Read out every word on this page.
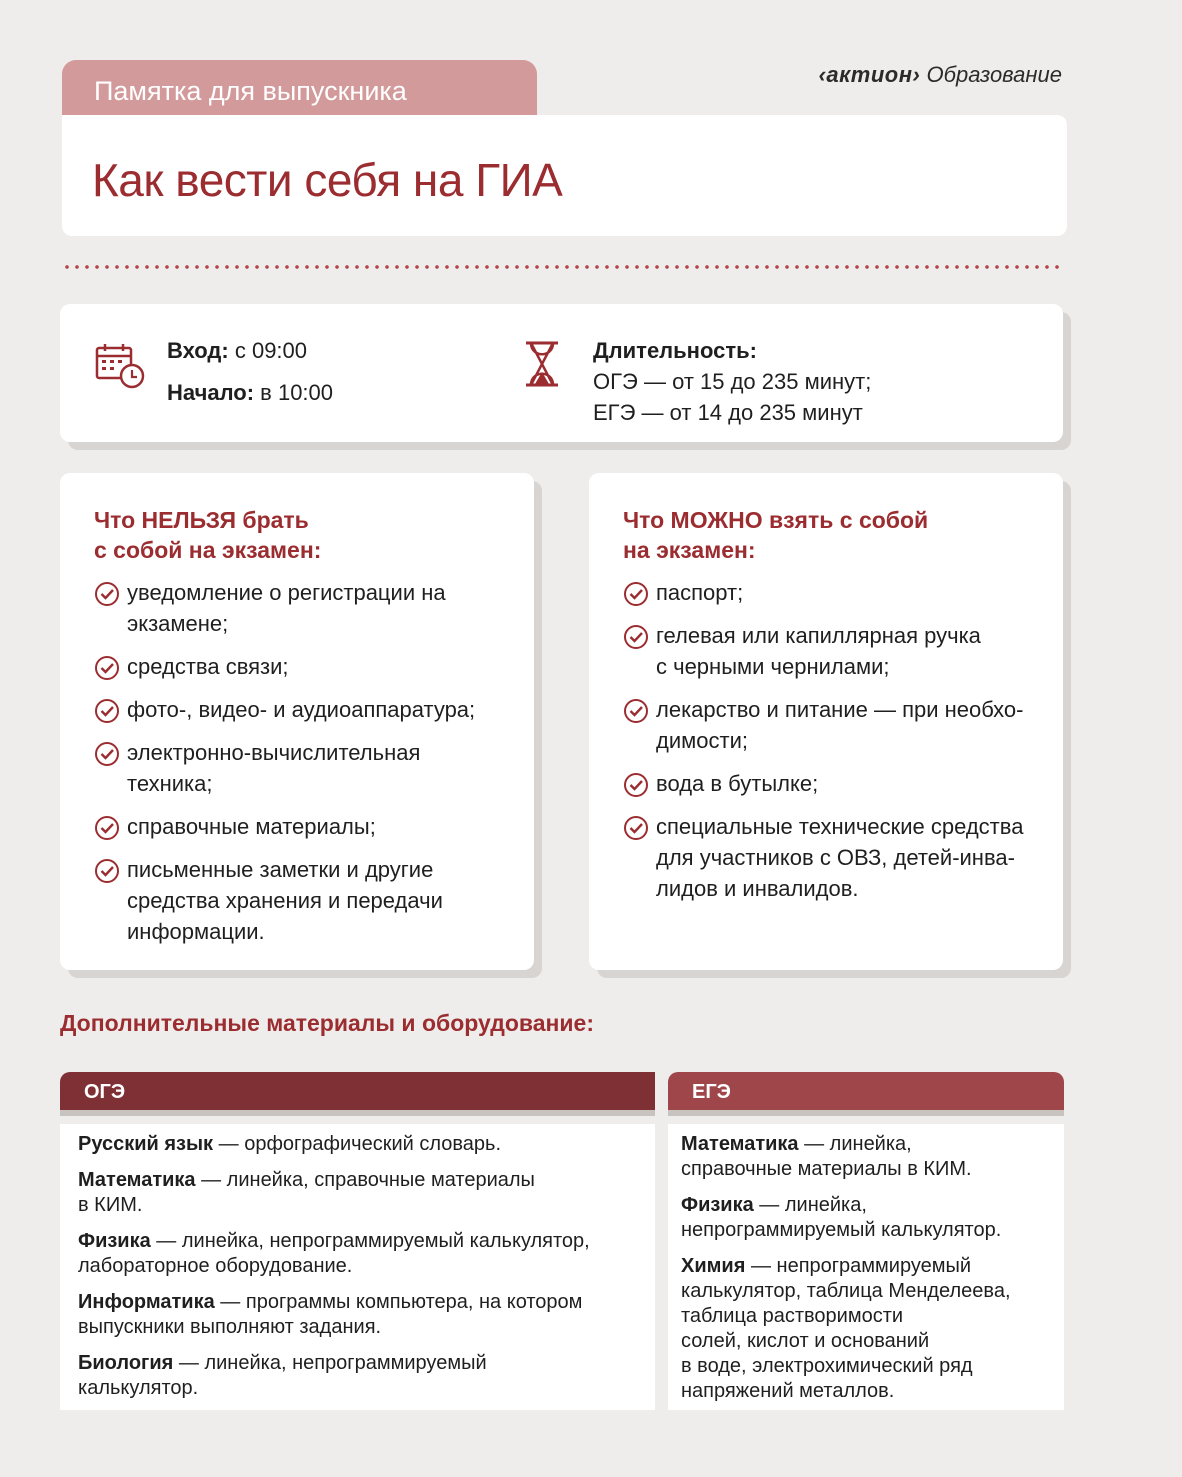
Памятка для выпускника
‹aктион› Образование
Как вести себя на ГИА
Вход: с 09:00
Начало: в 10:00
Длительность:
ОГЭ — от 15 до 235 минут;
ЕГЭ — от 14 до 235 минут
Что НЕЛЬЗЯ брать
с собой на экзамен:
уведомление о регистрации на
экзамене;
средства связи;
фото-, видео- и аудиоаппаратура;
электронно-вычислительная
техника;
справочные материалы;
письменные заметки и другие
средства хранения и передачи
информации.
Что МОЖНО взять с собой
на экзамен:
паспорт;
гелевая или капиллярная ручка
с черными чернилами;
лекарство и питание — при необхо-
димости;
вода в бутылке;
специальные технические средства
для участников с ОВЗ, детей-инва-
лидов и инвалидов.
Дополнительные материалы и оборудование:
ОГЭ	ЕГЭ

Русский язык — орфографический словарь.

Математика — линейка, справочные материалы
в КИМ.

Физика — линейка, непрограммируемый калькулятор,
лабораторное оборудование.

Информатика — программы компьютера, на котором
выпускники выполняют задания.

Биология — линейка, непрограммируемый
калькулятор.

Математика — линейка,
справочные материалы в КИМ.

Физика — линейка,
непрограммируемый калькулятор.

Химия — непрограммируемый
калькулятор, таблица Менделеева,
таблица растворимости
солей, кислот и оснований
в воде, электрохимический ряд
напряжений металлов.
